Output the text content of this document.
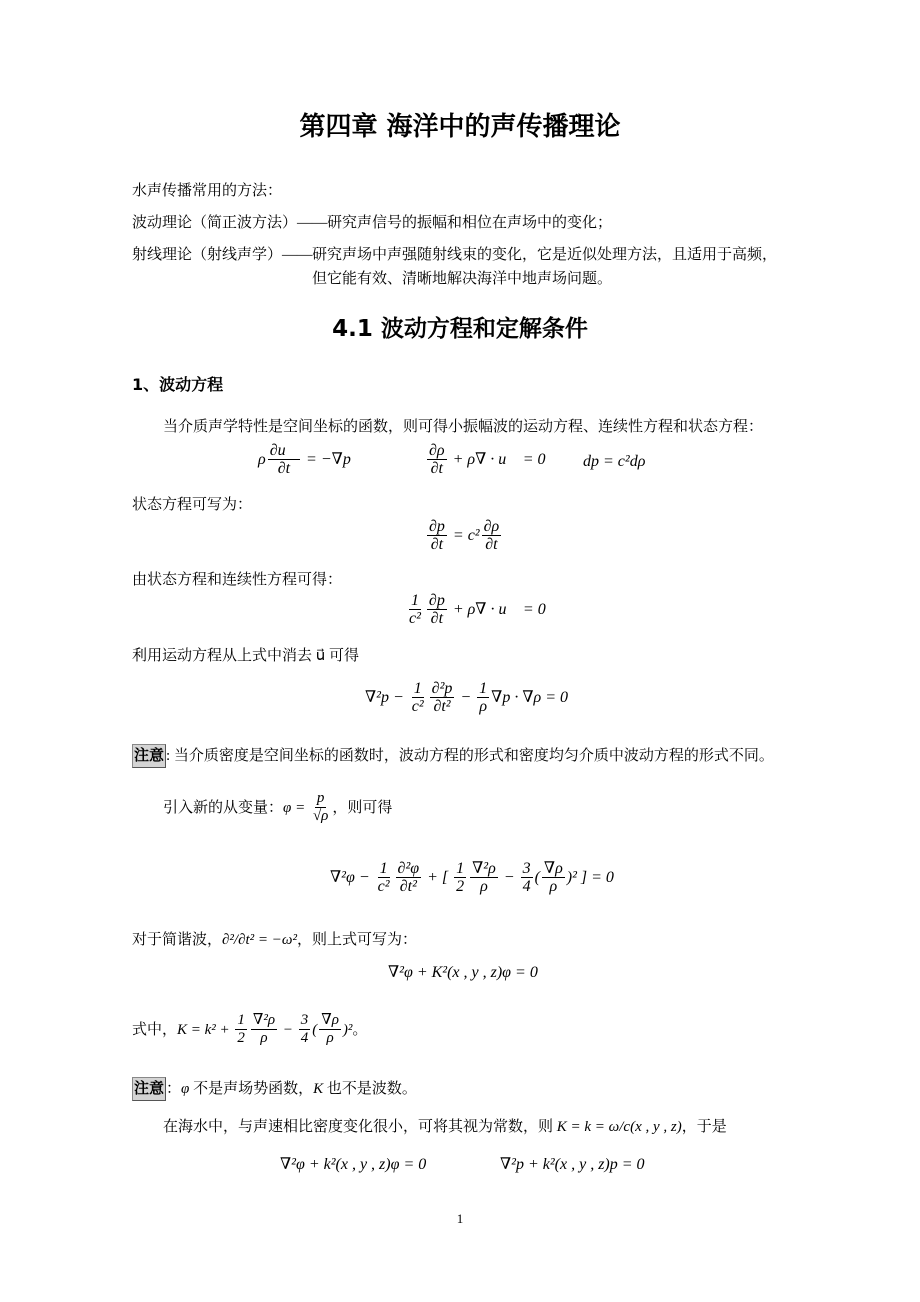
第四章 海洋中的声传播理论
水声传播常用的方法：
波动理论（简正波方法）——研究声信号的振幅和相位在声场中的变化；
射线理论（射线声学）——研究声场中声强随射线束的变化，它是近似处理方法，且适用于高频，
但它能有效、清晰地解决海洋中地声场问题。
4.1 波动方程和定解条件
1、波动方程
当介质声学特性是空间坐标的函数，则可得小振幅波的运动方程、连续性方程和状态方程：
ρ $\frac{\partial u⃗}{\partial t} = -\nabla p$	$\frac{\partial\rho}{\partial t} + \rho\nabla$ · u⃗ = 0 dp = c²dρ
状态方程可写为：
$\frac{\partial p}{\partial t} = c^2 \frac{\partial\rho}{\partial t}$
由状态方程和连续性方程可得：
$\frac{1}{\text{c²}} \frac{\partial p}{\partial t} + \rho\nabla$ · u⃗ = 0
利用运动方程从上式中消去 u⃗ 可得
$\nabla^2p - \frac{1}{\text{c²}} \frac{\text{∂²p}}{\text{∂t²}} - \frac{1}{\rho} \nabla p \cdot \nabla\rho = 0$
注意 : 当介质密度是空间坐标的函数时，波动方程的形式和密度均匀介质中波动方程的形式不同。
引入新的从变量： $\varphi = \frac{p}{√\rho}$ ，则可得
$\nabla^2\varphi - \frac{1}{\text{c²}} \frac{\text{∂²φ}}{\text{∂t²}}$ + [ $\frac{1}{2} \frac{\text{∇²ρ}}{\rho} - \frac{3}{4}$ ( $\frac{\nabla\rho}{\rho} )^2$ ] = 0
对于简谐波， ∂²/∂t² = −ω² ，则上式可写为：
∇²φ + K²(x , y , z)φ = 0
式中， $K = k^2 + \frac{1}{2} \frac{\text{∇²ρ}}{\rho} - \frac{3}{4}$ ( $\frac{\nabla\rho}{\rho} )^2$ 。
注意 ： φ 不是声场势函数， K 也不是波数。
在海水中，与声速相比密度变化很小，可将其视为常数，则 K = k = ω/c(x , y , z) ，于是
∇²φ + k²(x , y , z)φ = 0	∇²p + k²(x , y , z)p = 0
1
